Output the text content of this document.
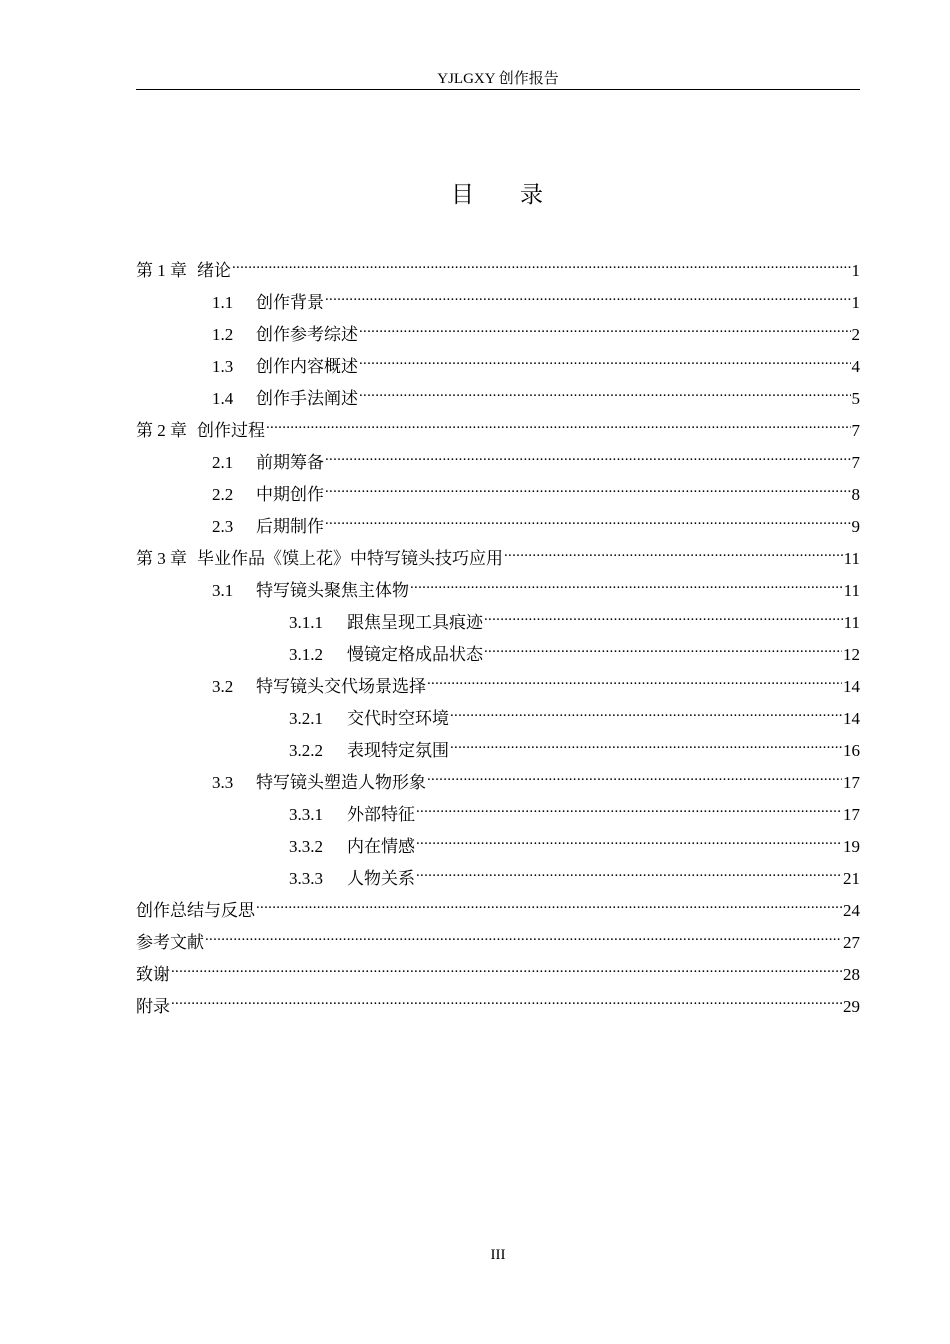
YJLGXY 创作报告
目 录
第 1 章 绪论 .....	1
1.1	创作背景 .....	1
1.2	创作参考综述 .....	2
1.3	创作内容概述 .....	4
1.4	创作手法阐述 .....	5
第 2 章 创作过程 .....	7
2.1	前期筹备 .....	7
2.2	中期创作 .....	8
2.3	后期制作 .....	9
第 3 章 毕业作品《馍上花》中特写镜头技巧应用 .....	11
3.1	特写镜头聚焦主体物 .....	11
3.1.1	跟焦呈现工具痕迹 .....	11
3.1.2	慢镜定格成品状态 .....	12
3.2	特写镜头交代场景选择 .....	14
3.2.1	交代时空环境 .....	14
3.2.2	表现特定氛围 .....	16
3.3	特写镜头塑造人物形象 .....	17
3.3.1	外部特征 .....	17
3.3.2	内在情感 .....	19
3.3.3	人物关系 .....	21
创作总结与反思 .....	24
参考文献 .....	27
致谢 .....	28
附录 .....	29
III
